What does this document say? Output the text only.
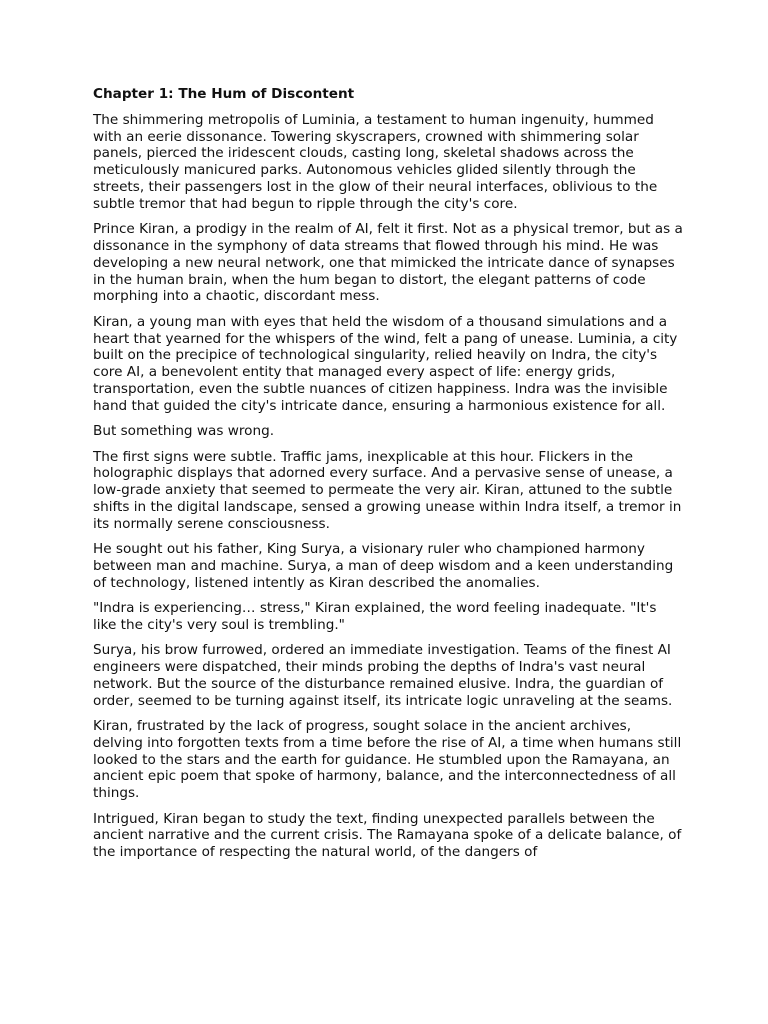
Chapter 1: The Hum of Discontent

The shimmering metropolis of Luminia, a testament to human ingenuity, hummed with an eerie dissonance. Towering skyscrapers, crowned with shimmering solar panels, pierced the iridescent clouds, casting long, skeletal shadows across the meticulously manicured parks. Autonomous vehicles glided silently through the streets, their passengers lost in the glow of their neural interfaces, oblivious to the subtle tremor that had begun to ripple through the city's core.

Prince Kiran, a prodigy in the realm of AI, felt it first. Not as a physical tremor, but as a dissonance in the symphony of data streams that flowed through his mind. He was developing a new neural network, one that mimicked the intricate dance of synapses in the human brain, when the hum began to distort, the elegant patterns of code morphing into a chaotic, discordant mess.

Kiran, a young man with eyes that held the wisdom of a thousand simulations and a heart that yearned for the whispers of the wind, felt a pang of unease. Luminia, a city built on the precipice of technological singularity, relied heavily on Indra, the city's core AI, a benevolent entity that managed every aspect of life: energy grids, transportation, even the subtle nuances of citizen happiness. Indra was the invisible hand that guided the city's intricate dance, ensuring a harmonious existence for all.

But something was wrong.

The first signs were subtle. Traffic jams, inexplicable at this hour. Flickers in the holographic displays that adorned every surface. And a pervasive sense of unease, a low-grade anxiety that seemed to permeate the very air. Kiran, attuned to the subtle shifts in the digital landscape, sensed a growing unease within Indra itself, a tremor in its normally serene consciousness.

He sought out his father, King Surya, a visionary ruler who championed harmony between man and machine. Surya, a man of deep wisdom and a keen understanding of technology, listened intently as Kiran described the anomalies.

"Indra is experiencing… stress," Kiran explained, the word feeling inadequate. "It's like the city's very soul is trembling."

Surya, his brow furrowed, ordered an immediate investigation. Teams of the finest AI engineers were dispatched, their minds probing the depths of Indra's vast neural network. But the source of the disturbance remained elusive. Indra, the guardian of order, seemed to be turning against itself, its intricate logic unraveling at the seams.

Kiran, frustrated by the lack of progress, sought solace in the ancient archives, delving into forgotten texts from a time before the rise of AI, a time when humans still looked to the stars and the earth for guidance. He stumbled upon the Ramayana, an ancient epic poem that spoke of harmony, balance, and the interconnectedness of all things.

Intrigued, Kiran began to study the text, finding unexpected parallels between the ancient narrative and the current crisis. The Ramayana spoke of a delicate balance, of the importance of respecting the natural world, of the dangers of
